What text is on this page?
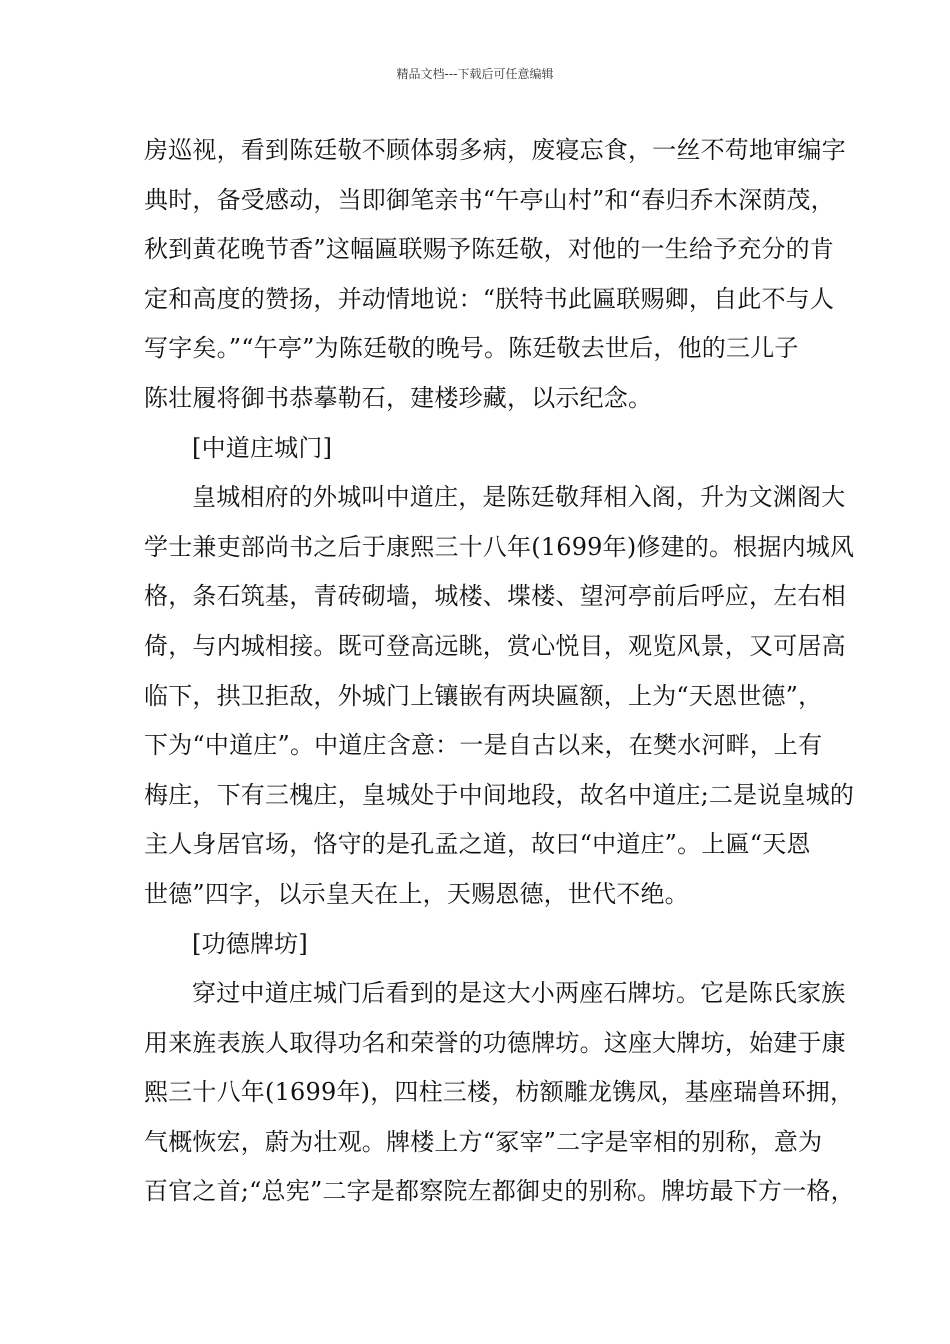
精品文档---下载后可任意编辑
房巡视，看到陈廷敬不顾体弱多病，废寝忘食，一丝不苟地审编字
典时，备受感动，当即御笔亲书“午亭山村”和“春归乔木深荫茂，
秋到黄花晚节香”这幅匾联赐予陈廷敬，对他的一生给予充分的肯
定和高度的赞扬，并动情地说：“朕特书此匾联赐卿，自此不与人
写字矣。”“午亭”为陈廷敬的晚号。陈廷敬去世后，他的三儿子
陈壮履将御书恭摹勒石，建楼珍藏，以示纪念。
[中道庄城门]
皇城相府的外城叫中道庄，是陈廷敬拜相入阁，升为文渊阁大
学士兼吏部尚书之后于康熙三十八年(1699年)修建的。根据内城风
格，条石筑基，青砖砌墙，城楼、堞楼、望河亭前后呼应，左右相
倚，与内城相接。既可登高远眺，赏心悦目，观览风景，又可居高
临下，拱卫拒敌，外城门上镶嵌有两块匾额，上为“天恩世德”，
下为“中道庄”。中道庄含意：一是自古以来，在樊水河畔，上有
梅庄，下有三槐庄，皇城处于中间地段，故名中道庄;二是说皇城的
主人身居官场，恪守的是孔孟之道，故曰“中道庄”。上匾“天恩
世德”四字，以示皇天在上，天赐恩德，世代不绝。
[功德牌坊]
穿过中道庄城门后看到的是这大小两座石牌坊。它是陈氏家族
用来旌表族人取得功名和荣誉的功德牌坊。这座大牌坊，始建于康
熙三十八年(1699年)，四柱三楼，枋额雕龙镌凤，基座瑞兽环拥，
气概恢宏，蔚为壮观。牌楼上方“冢宰”二字是宰相的别称，意为
百官之首;“总宪”二字是都察院左都御史的别称。牌坊最下方一格，
